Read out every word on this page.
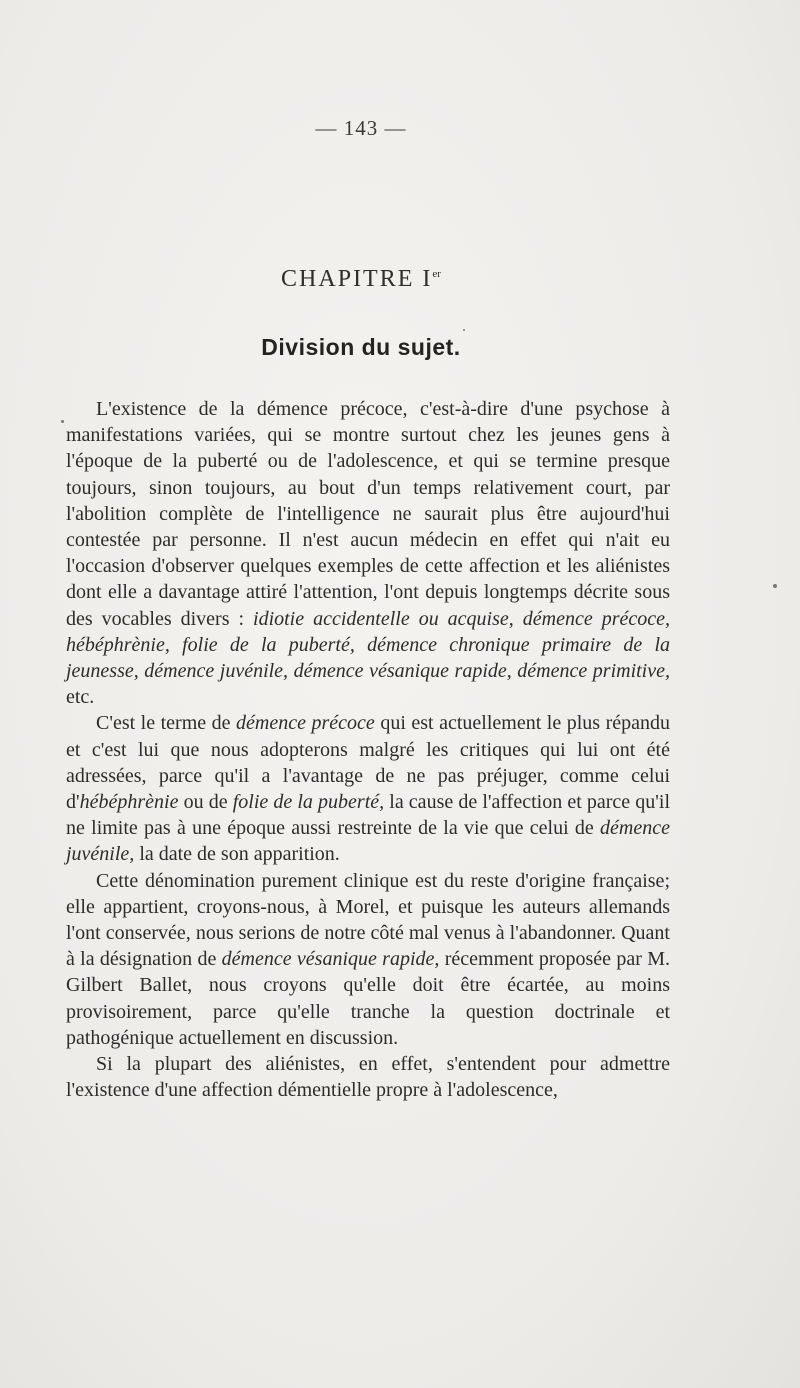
— 143 —
CHAPITRE Ier
Division du sujet.

L'existence de la démence précoce, c'est-à-dire d'une psychose à manifestations variées, qui se montre surtout chez les jeunes gens à l'époque de la puberté ou de l'adolescence, et qui se termine presque toujours, sinon toujours, au bout d'un temps relativement court, par l'abolition complète de l'intelligence ne saurait plus être aujourd'hui contestée par personne. Il n'est aucun médecin en effet qui n'ait eu l'occasion d'observer quelques exemples de cette affection et les aliénistes dont elle a davantage attiré l'attention, l'ont depuis longtemps décrite sous des vocables divers : idiotie accidentelle ou acquise, démence précoce, hébéphrènie, folie de la puberté, démence chronique primaire de la jeunesse, démence juvénile, démence vésanique rapide, démence primitive, etc.

C'est le terme de démence précoce qui est actuellement le plus répandu et c'est lui que nous adopterons malgré les critiques qui lui ont été adressées, parce qu'il a l'avantage de ne pas préjuger, comme celui d'hébéphrènie ou de folie de la puberté, la cause de l'affection et parce qu'il ne limite pas à une époque aussi restreinte de la vie que celui de démence juvénile, la date de son apparition.

Cette dénomination purement clinique est du reste d'origine française; elle appartient, croyons-nous, à Morel, et puisque les auteurs allemands l'ont conservée, nous serions de notre côté mal venus à l'abandonner. Quant à la désignation de démence vésanique rapide, récemment proposée par M. Gilbert Ballet, nous croyons qu'elle doit être écartée, au moins provisoirement, parce qu'elle tranche la question doctrinale et pathogénique actuellement en discussion.

Si la plupart des aliénistes, en effet, s'entendent pour admettre l'existence d'une affection démentielle propre à l'adolescence,
